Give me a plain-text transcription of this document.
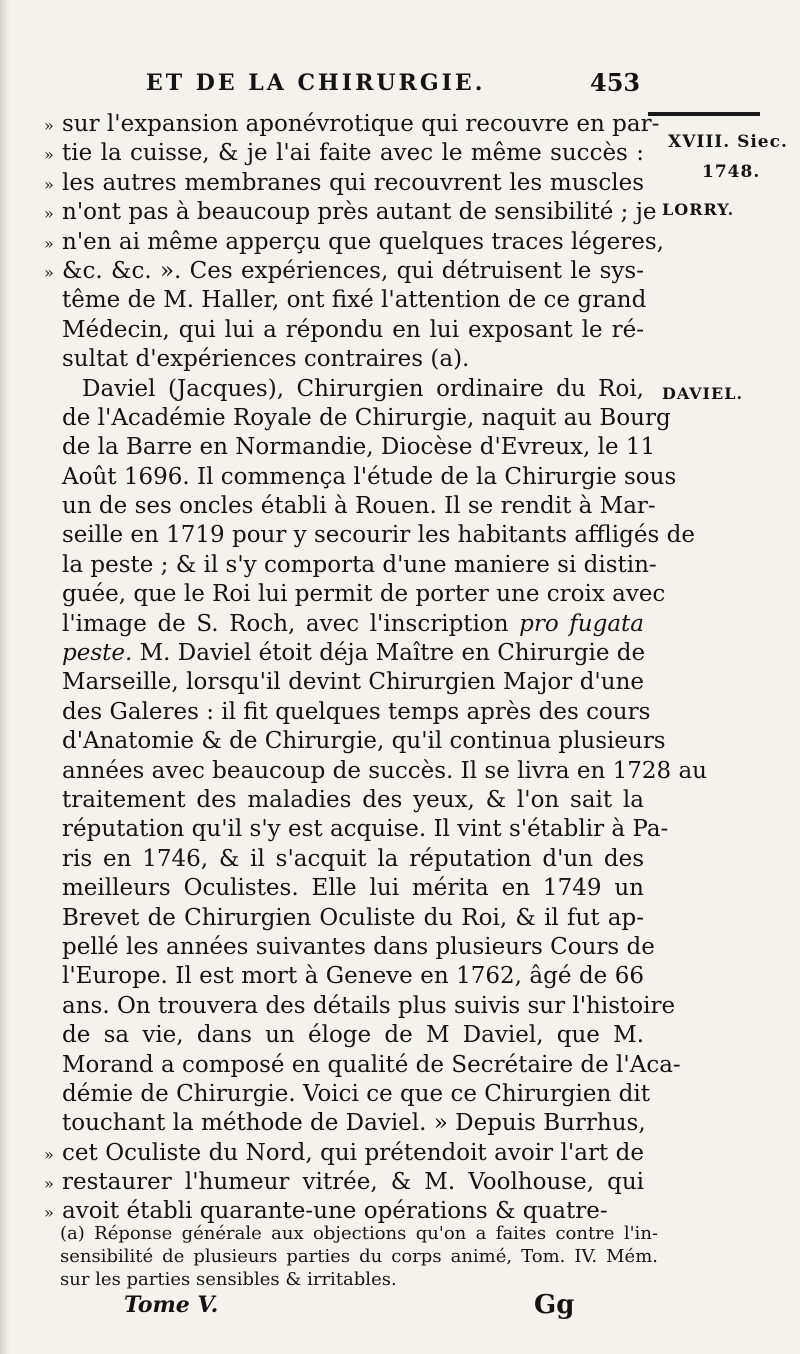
ET DE LA CHIRURGIE.	453
XVIII. Siec.
1748.
LORRY.
DAVIEL.
» sur l'expansion aponévrotique qui recouvre en par-
» tie la cuisse, & je l'ai faite avec le même succès :
» les autres membranes qui recouvrent les muscles
» n'ont pas à beaucoup près autant de sensibilité ; je
» n'en ai même apperçu que quelques traces légeres,
» &c. &c. ». Ces expériences, qui détruisent le sys-
tême de M. Haller, ont fixé l'attention de ce grand
Médecin, qui lui a répondu en lui exposant le ré-
sultat d'expériences contraires (a).
Daviel (Jacques), Chirurgien ordinaire du Roi,
de l'Académie Royale de Chirurgie, naquit au Bourg
de la Barre en Normandie, Diocèse d'Evreux, le 11
Août 1696. Il commença l'étude de la Chirurgie sous
un de ses oncles établi à Rouen. Il se rendit à Mar-
seille en 1719 pour y secourir les habitants affligés de
la peste ; & il s'y comporta d'une maniere si distin-
guée, que le Roi lui permit de porter une croix avec
l'image de S. Roch, avec l'inscription pro fugata
peste. M. Daviel étoit déja Maître en Chirurgie de
Marseille, lorsqu'il devint Chirurgien Major d'une
des Galeres : il fit quelques temps après des cours
d'Anatomie & de Chirurgie, qu'il continua plusieurs
années avec beaucoup de succès. Il se livra en 1728 au
traitement des maladies des yeux, & l'on sait la
réputation qu'il s'y est acquise. Il vint s'établir à Pa-
ris en 1746, & il s'acquit la réputation d'un des
meilleurs Oculistes. Elle lui mérita en 1749 un
Brevet de Chirurgien Oculiste du Roi, & il fut ap-
pellé les années suivantes dans plusieurs Cours de
l'Europe. Il est mort à Geneve en 1762, âgé de 66
ans. On trouvera des détails plus suivis sur l'histoire
de sa vie, dans un éloge de M Daviel, que M.
Morand a composé en qualité de Secrétaire de l'Aca-
démie de Chirurgie. Voici ce que ce Chirurgien dit
touchant la méthode de Daviel. » Depuis Burrhus,
» cet Oculiste du Nord, qui prétendoit avoir l'art de
» restaurer l'humeur vitrée, & M. Voolhouse, qui
» avoit établi quarante-une opérations & quatre-
(a) Réponse générale aux objections qu'on a faites contre l'in-
sensibilité de plusieurs parties du corps animé, Tom. IV. Mém.
sur les parties sensibles & irritables.
Tome V.	Gg
